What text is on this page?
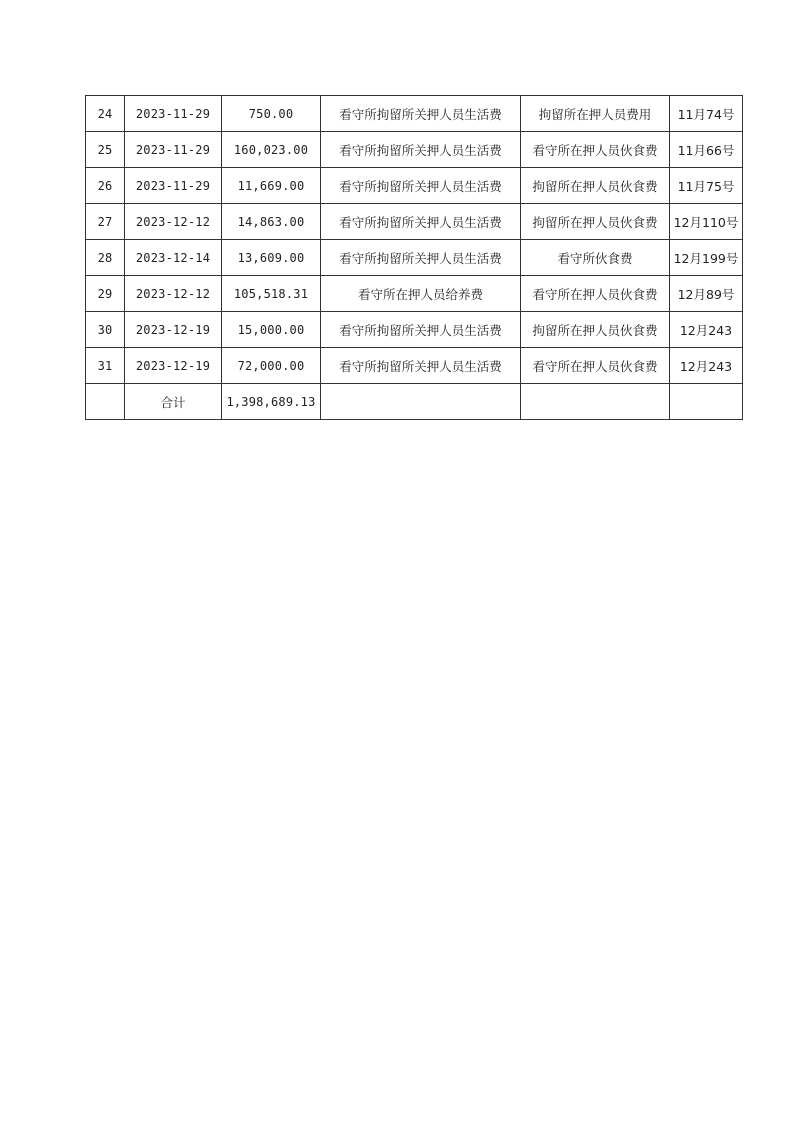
24	2023-11-29	750.00	看守所拘留所关押人员生活费	拘留所在押人员费用	11月74号
25	2023-11-29	160,023.00	看守所拘留所关押人员生活费	看守所在押人员伙食费	11月66号
26	2023-11-29	11,669.00	看守所拘留所关押人员生活费	拘留所在押人员伙食费	11月75号
27	2023-12-12	14,863.00	看守所拘留所关押人员生活费	拘留所在押人员伙食费	12月110号
28	2023-12-14	13,609.00	看守所拘留所关押人员生活费	看守所伙食费	12月199号
29	2023-12-12	105,518.31	看守所在押人员给养费	看守所在押人员伙食费	12月89号
30	2023-12-19	15,000.00	看守所拘留所关押人员生活费	拘留所在押人员伙食费	12月243
31	2023-12-19	72,000.00	看守所拘留所关押人员生活费	看守所在押人员伙食费	12月243
	合计	1,398,689.13			
